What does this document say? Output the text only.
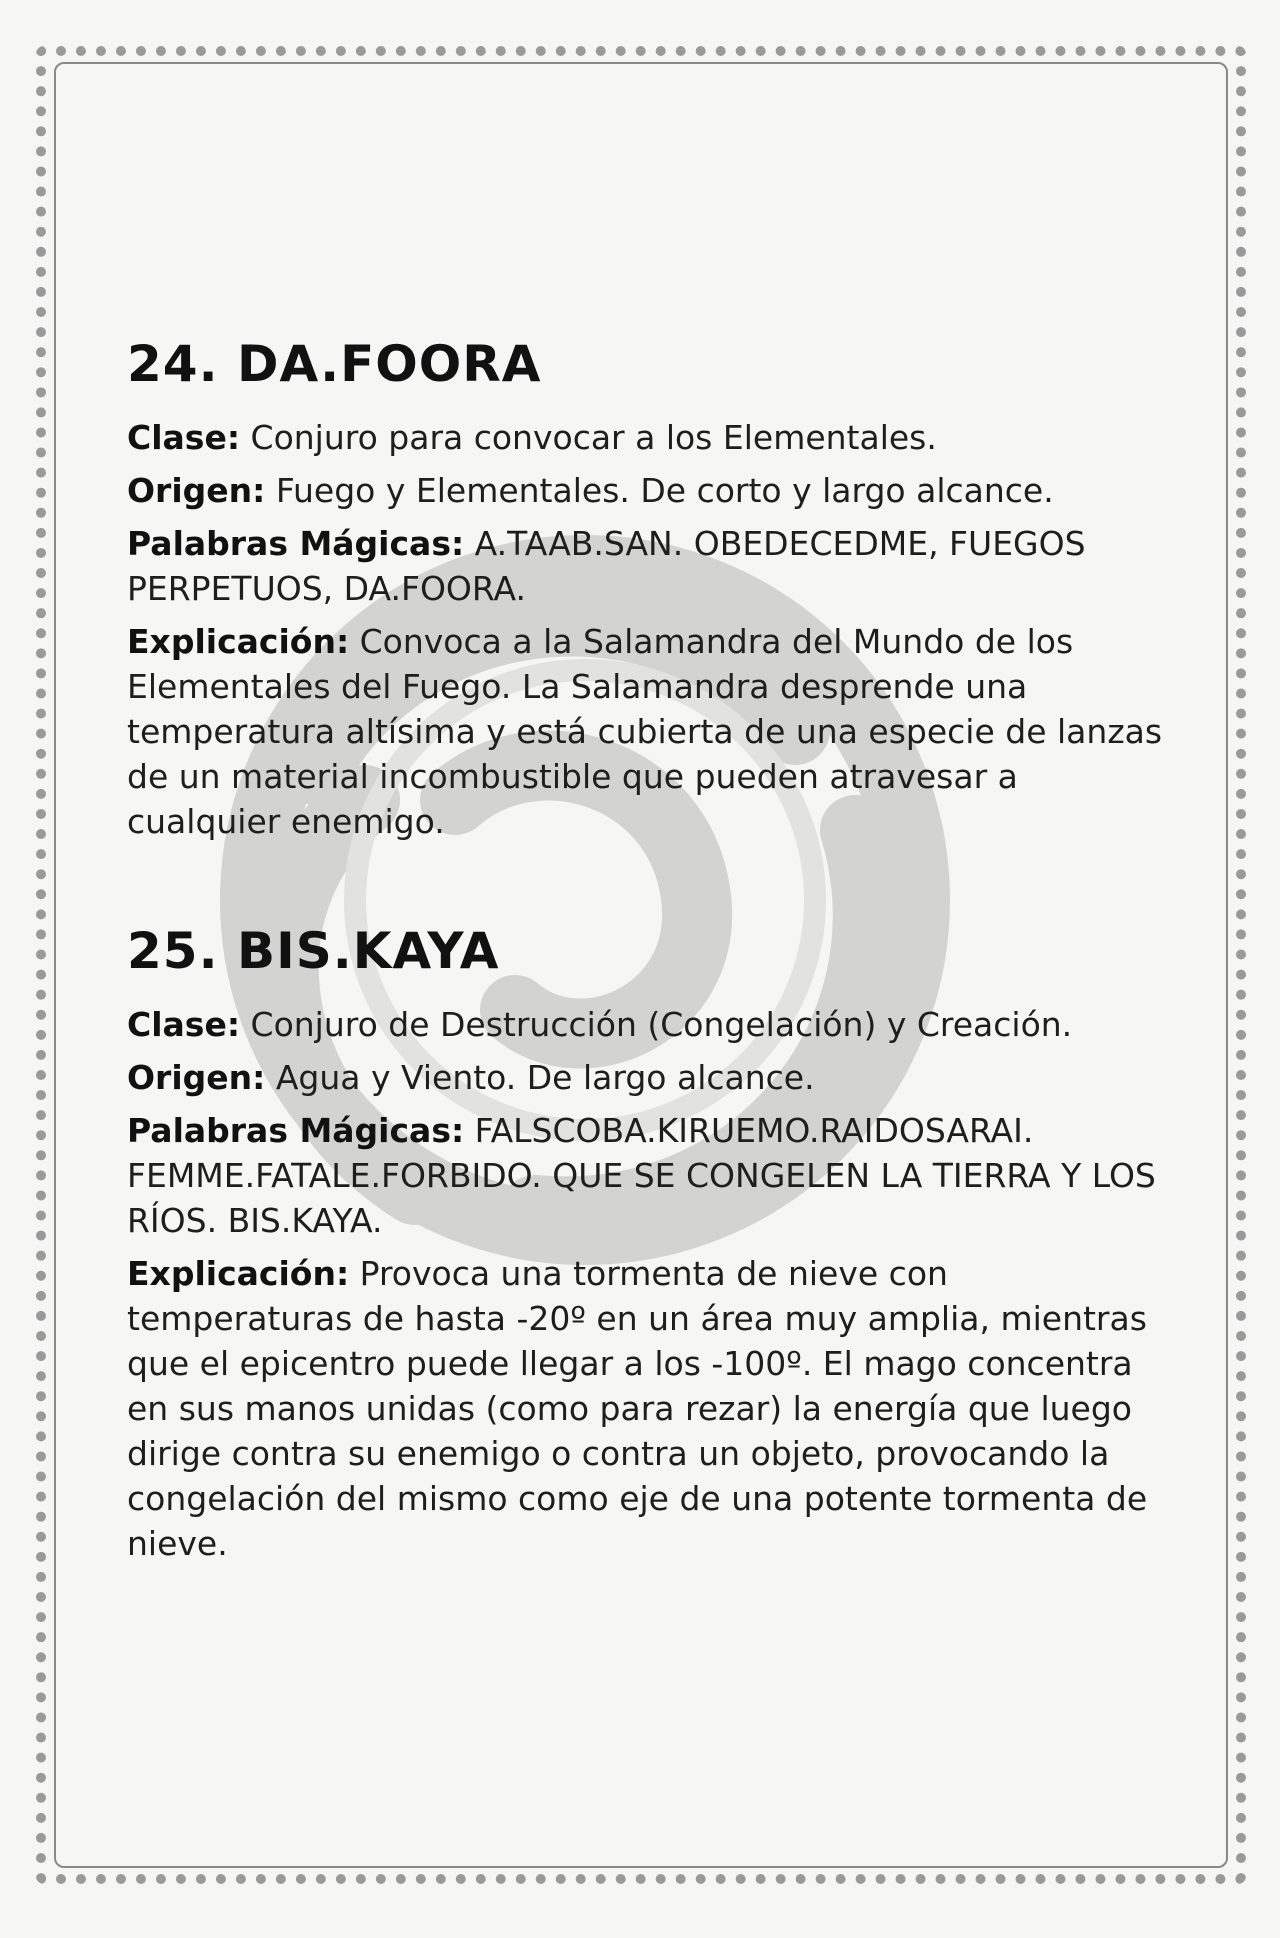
24. DA.FOORA

Clase: Conjuro para convocar a los Elementales.

Origen: Fuego y Elementales. De corto y largo alcance.

Palabras Mágicas: A.TAAB.SAN. OBEDECEDME, FUEGOS PERPETUOS, DA.FOORA.

Explicación: Convoca a la Salamandra del Mundo de los Elementales del Fuego. La Salamandra desprende una temperatura altísima y está cubierta de una especie de lanzas de un material incombustible que pueden atravesar a cualquier enemigo.

25. BIS.KAYA

Clase: Conjuro de Destrucción (Congelación) y Creación.

Origen: Agua y Viento. De largo alcance.

Palabras Mágicas: FALSCOBA.KIRUEMO.RAIDOSARAI. FEMME.FATALE.FORBIDO. QUE SE CONGELEN LA TIERRA Y LOS RÍOS. BIS.KAYA.

Explicación: Provoca una tormenta de nieve con temperaturas de hasta -20º en un área muy amplia, mientras que el epicentro puede llegar a los -100º. El mago concentra en sus manos unidas (como para rezar) la energía que luego dirige contra su enemigo o contra un objeto, provocando la congelación del mismo como eje de una potente tormenta de nieve.
